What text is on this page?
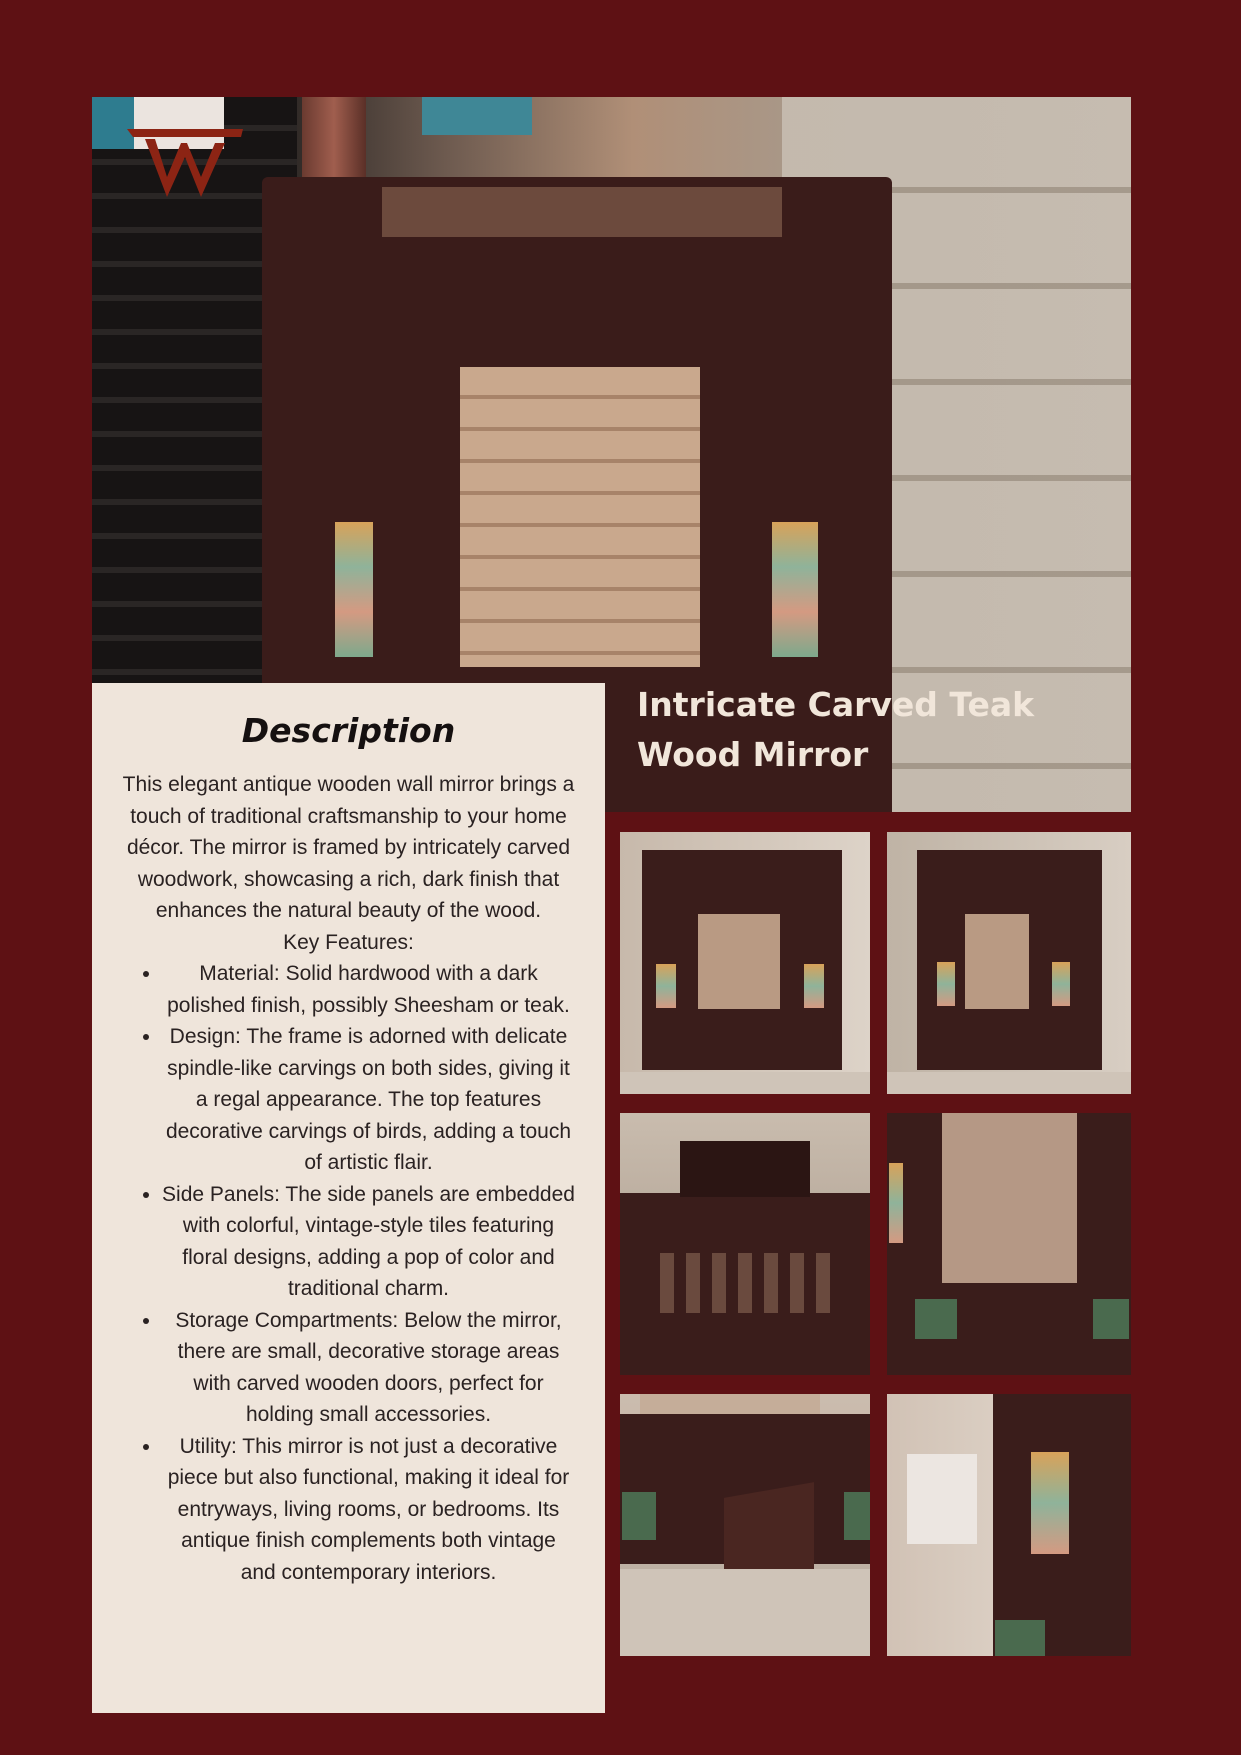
Intricate Carved Teak Wood Mirror
Description

This elegant antique wooden wall mirror brings a touch of traditional craftsmanship to your home décor. The mirror is framed by intricately carved woodwork, showcasing a rich, dark finish that enhances the natural beauty of the wood.

Key Features:

• Material: Solid hardwood with a dark polished finish, possibly Sheesham or teak.
• Design: The frame is adorned with delicate spindle-like carvings on both sides, giving it a regal appearance. The top features decorative carvings of birds, adding a touch of artistic flair.
• Side Panels: The side panels are embedded with colorful, vintage-style tiles featuring floral designs, adding a pop of color and traditional charm.
• Storage Compartments: Below the mirror, there are small, decorative storage areas with carved wooden doors, perfect for holding small accessories.
• Utility: This mirror is not just a decorative piece but also functional, making it ideal for entryways, living rooms, or bedrooms. Its antique finish complements both vintage and contemporary interiors.
